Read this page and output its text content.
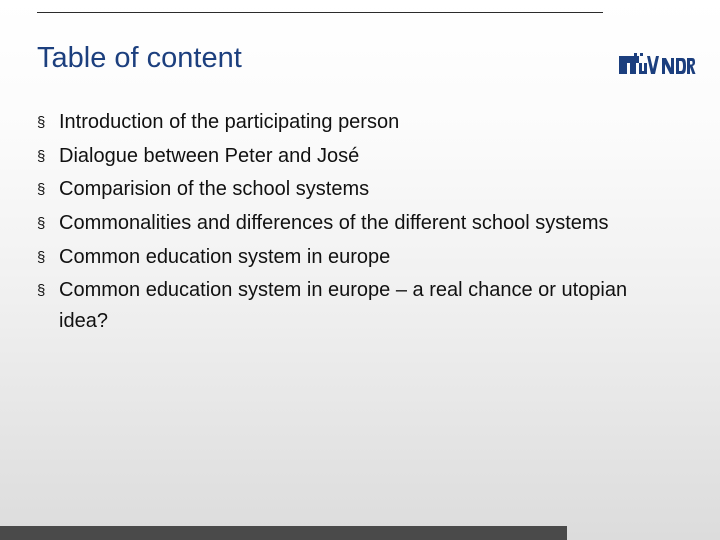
Table of content
§ Introduction of the participating person
§ Dialogue between Peter and José
§ Comparision of the school systems
§ Commonalities and differences of the different school systems
§ Common education system in europe
§ Common education system in europe – a real chance or utopian idea?
